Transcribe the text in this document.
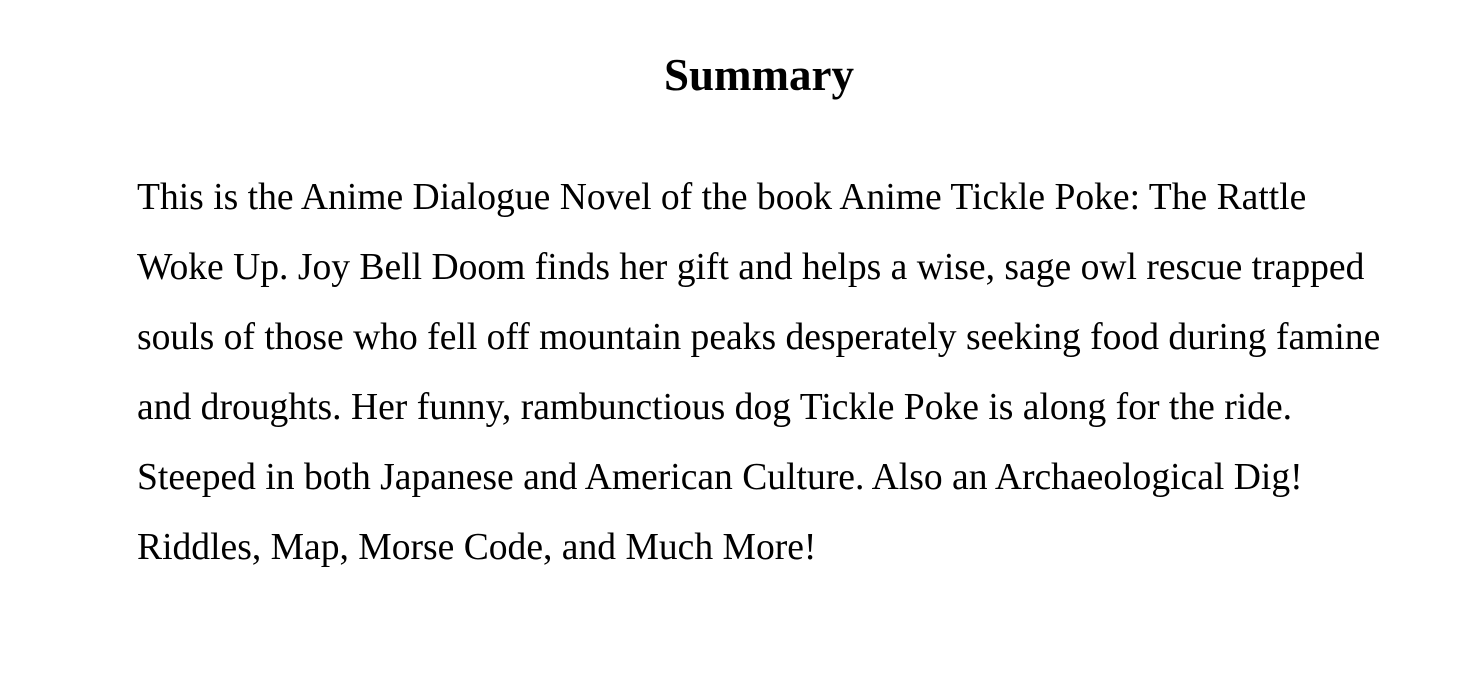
Summary

This is the Anime Dialogue Novel of the book Anime Tickle Poke: The Rattle Woke Up. Joy Bell Doom finds her gift and helps a wise, sage owl rescue trapped souls of those who fell off mountain peaks desperately seeking food during famine and droughts. Her funny, rambunctious dog Tickle Poke is along for the ride. Steeped in both Japanese and American Culture. Also an Archaeological Dig! Riddles, Map, Morse Code, and Much More!
